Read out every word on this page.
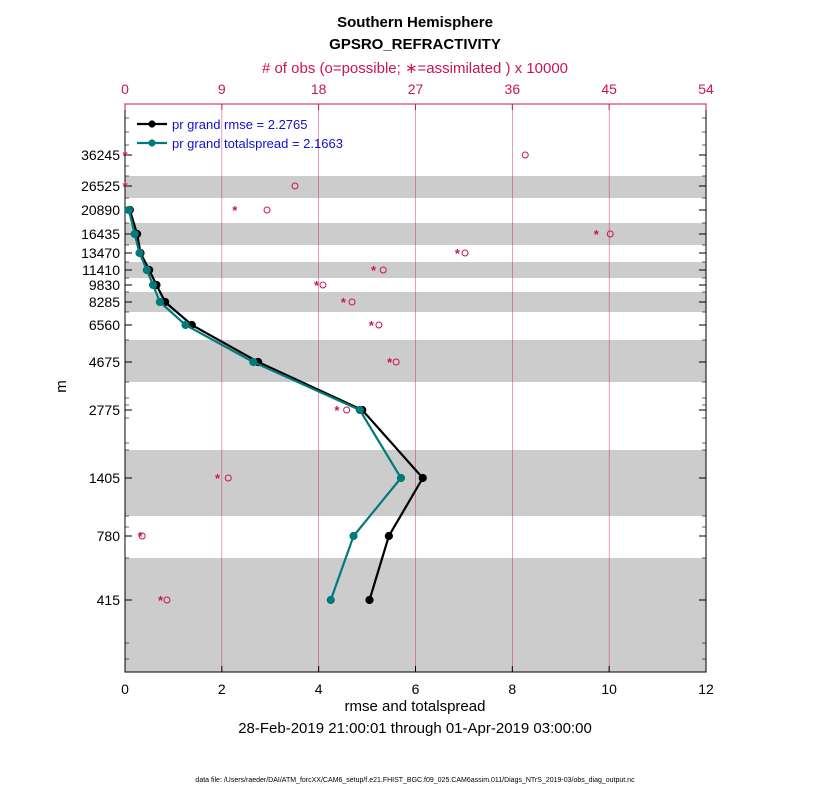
Southern Hemisphere
GPSRO_REFRACTIVITY
# of obs (o=possible; ∗=assimilated ) x 10000
0	2	4	6	8	10	12
0	9	18	27	36	45	54
36245
26525
20890
16435
13470
11410
9830
8285
6560
4675
2775
1405
780
415
*
*
*
*
*
*
*
*
*
*
*
*
*
*
pr grand rmse = 2.2765
pr grand totalspread = 2.1663
m
rmse and totalspread
28-Feb-2019 21:00:01 through 01-Apr-2019 03:00:00
data file: /Users/raeder/DAI/ATM_forcXX/CAM6_setup/f.e21.FHIST_BGC.f09_025.CAM6assim.011/Diags_NTrS_2019-03/obs_diag_output.nc
